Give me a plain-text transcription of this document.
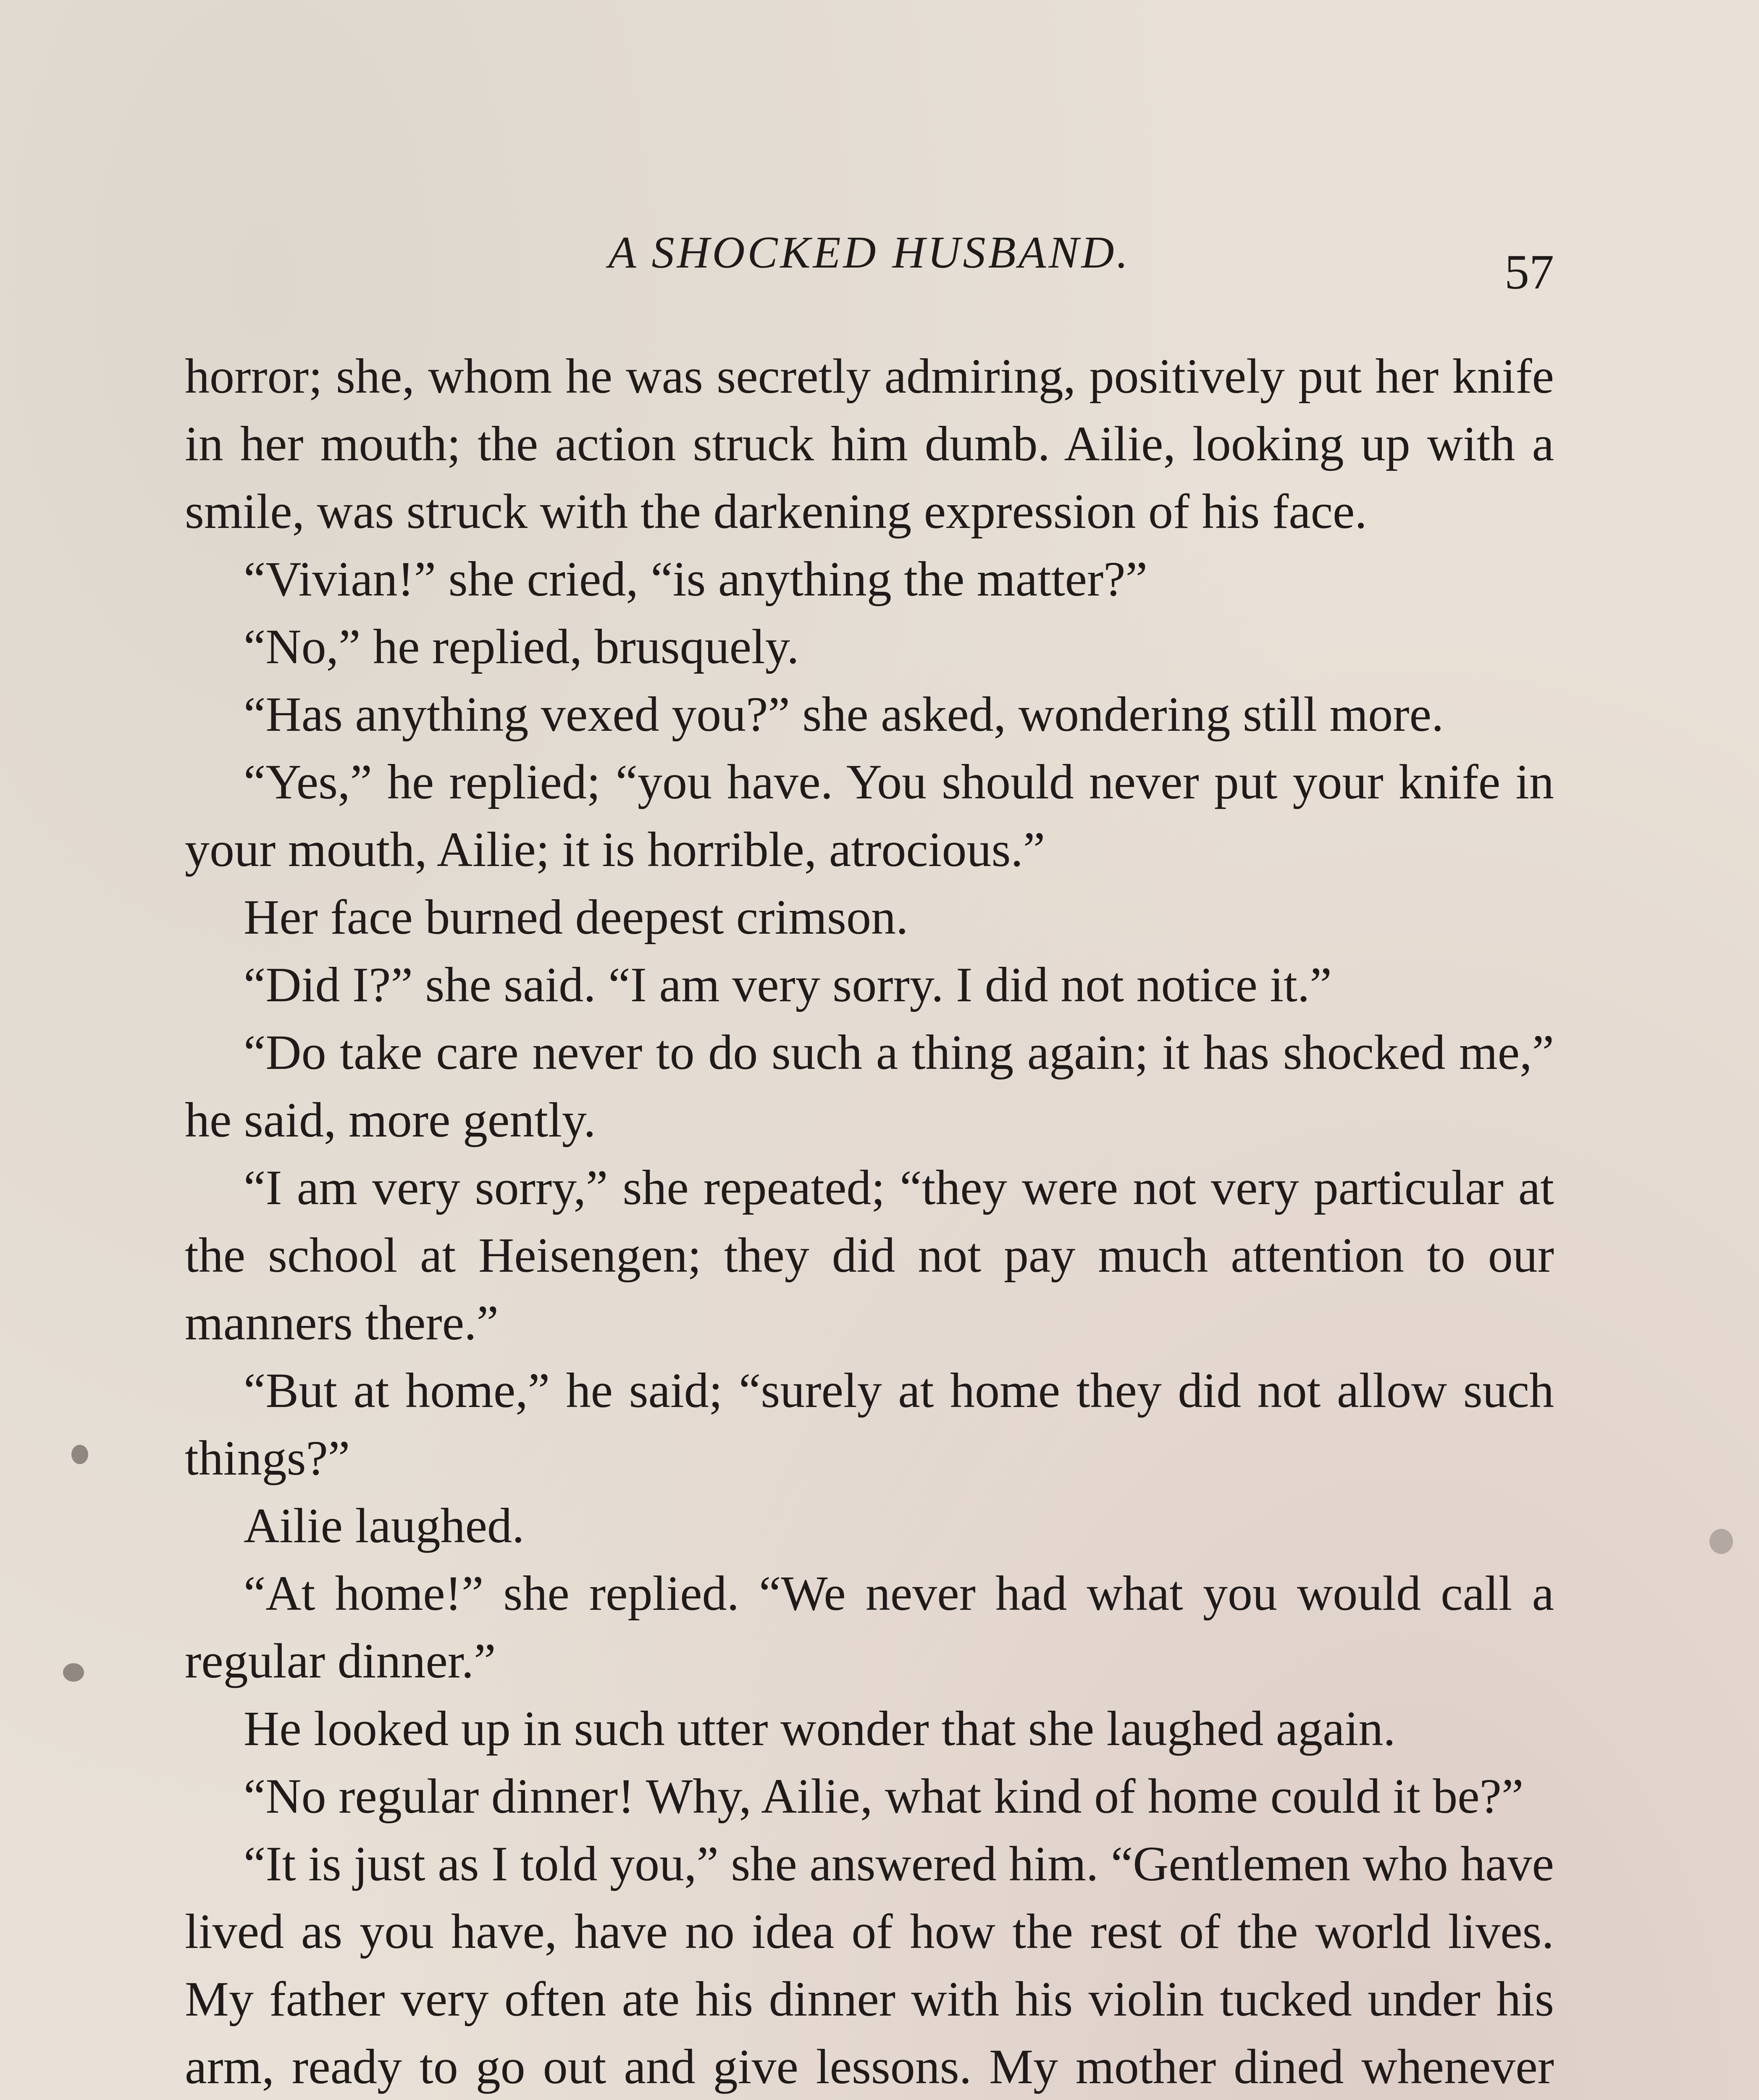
A SHOCKED HUSBAND.	57

horror; she, whom he was secretly admiring, positively put her knife in her mouth; the action struck him dumb. Ailie, looking up with a smile, was struck with the darkening expression of his face.

“Vivian!” she cried, “is anything the matter?”

“No,” he replied, brusquely.

“Has anything vexed you?” she asked, wondering still more.

“Yes,” he replied; “you have. You should never put your knife in your mouth, Ailie; it is horrible, atrocious.”

Her face burned deepest crimson.

“Did I?” she said. “I am very sorry. I did not notice it.”

“Do take care never to do such a thing again; it has shocked me,” he said, more gently.

“I am very sorry,” she repeated; “they were not very particular at the school at Heisengen; they did not pay much attention to our manners there.”

“But at home,” he said; “surely at home they did not allow such things?”

Ailie laughed.

“At home!” she replied. “We never had what you would call a regular dinner.”

He looked up in such utter wonder that she laughed again.

“No regular dinner! Why, Ailie, what kind of home could it be?”

“It is just as I told you,” she answered him. “Gentlemen who have lived as you have, have no idea of how the rest of the world lives. My father very often ate his dinner with his violin tucked under his arm, ready to go out and give lessons. My mother dined whenever
